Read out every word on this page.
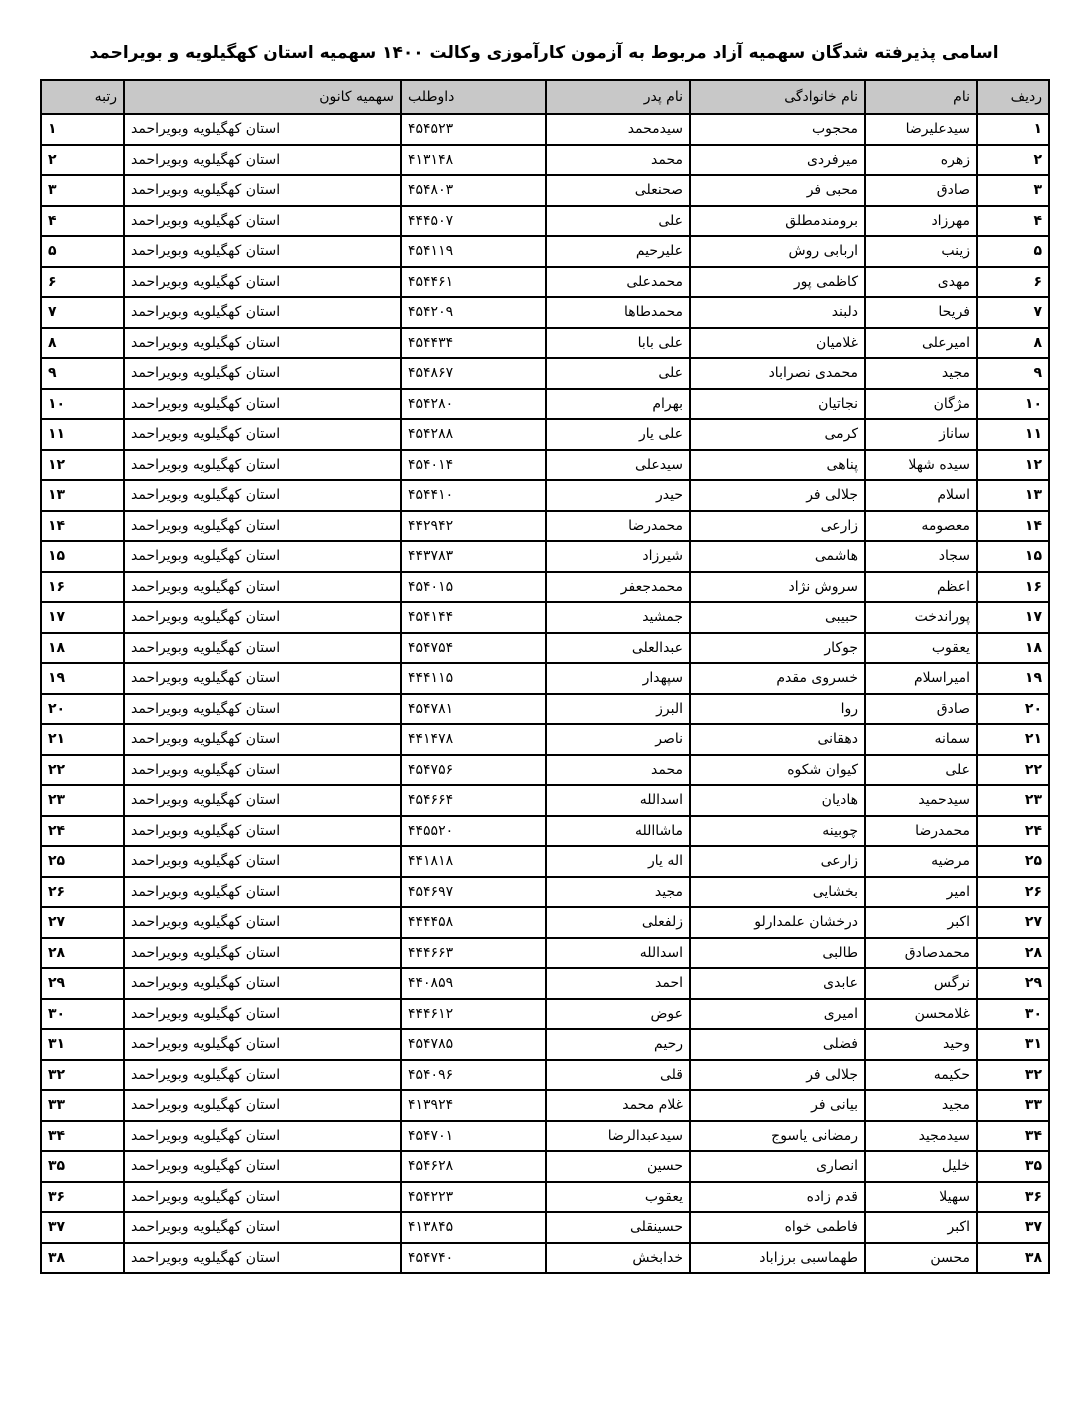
اسامی پذیرفته شدگان سهمیه آزاد مربوط به آزمون کارآموزی وکالت ۱۴۰۰ سهمیه استان کهگیلویه و بویراحمد
ردیف	نام	نام خانوادگی	نام پدر	داوطلب	سهمیه کانون	رتبه
۱	سیدعلیرضا	محجوب	سیدمحمد	۴۵۴۵۲۳	استان کهگیلویه وبویراحمد	۱
۲	زهره	میرفردی	محمد	۴۱۳۱۴۸	استان کهگیلویه وبویراحمد	۲
۳	صادق	محبی فر	صحنعلی	۴۵۴۸۰۳	استان کهگیلویه وبویراحمد	۳
۴	مهرزاد	برومندمطلق	علی	۴۴۴۵۰۷	استان کهگیلویه وبویراحمد	۴
۵	زینب	اربابی روش	علیرحیم	۴۵۴۱۱۹	استان کهگیلویه وبویراحمد	۵
۶	مهدی	کاظمی پور	محمدعلی	۴۵۴۴۶۱	استان کهگیلویه وبویراحمد	۶
۷	فریحا	دلبند	محمدطاها	۴۵۴۲۰۹	استان کهگیلویه وبویراحمد	۷
۸	امیرعلی	غلامیان	علی بابا	۴۵۴۴۳۴	استان کهگیلویه وبویراحمد	۸
۹	مجید	محمدی نصراباد	علی	۴۵۴۸۶۷	استان کهگیلویه وبویراحمد	۹
۱۰	مژگان	نجاتیان	بهرام	۴۵۴۲۸۰	استان کهگیلویه وبویراحمد	۱۰
۱۱	ساناز	کرمی	علی یار	۴۵۴۲۸۸	استان کهگیلویه وبویراحمد	۱۱
۱۲	سیده شهلا	پناهی	سیدعلی	۴۵۴۰۱۴	استان کهگیلویه وبویراحمد	۱۲
۱۳	اسلام	جلالی فر	حیدر	۴۵۴۴۱۰	استان کهگیلویه وبویراحمد	۱۳
۱۴	معصومه	زارعی	محمدرضا	۴۴۲۹۴۲	استان کهگیلویه وبویراحمد	۱۴
۱۵	سجاد	هاشمی	شیرزاد	۴۴۳۷۸۳	استان کهگیلویه وبویراحمد	۱۵
۱۶	اعظم	سروش نژاد	محمدجعفر	۴۵۴۰۱۵	استان کهگیلویه وبویراحمد	۱۶
۱۷	پوراندخت	حبیبی	جمشید	۴۵۴۱۴۴	استان کهگیلویه وبویراحمد	۱۷
۱۸	یعقوب	جوکار	عبدالعلی	۴۵۴۷۵۴	استان کهگیلویه وبویراحمد	۱۸
۱۹	امیراسلام	خسروی مقدم	سپهدار	۴۴۴۱۱۵	استان کهگیلویه وبویراحمد	۱۹
۲۰	صادق	روا	البرز	۴۵۴۷۸۱	استان کهگیلویه وبویراحمد	۲۰
۲۱	سمانه	دهقانی	ناصر	۴۴۱۴۷۸	استان کهگیلویه وبویراحمد	۲۱
۲۲	علی	کیوان شکوه	محمد	۴۵۴۷۵۶	استان کهگیلویه وبویراحمد	۲۲
۲۳	سیدحمید	هادیان	اسدالله	۴۵۴۶۶۴	استان کهگیلویه وبویراحمد	۲۳
۲۴	محمدرضا	چوبینه	ماشاالله	۴۴۵۵۲۰	استان کهگیلویه وبویراحمد	۲۴
۲۵	مرضیه	زارعی	اله یار	۴۴۱۸۱۸	استان کهگیلویه وبویراحمد	۲۵
۲۶	امیر	بخشایی	مجید	۴۵۴۶۹۷	استان کهگیلویه وبویراحمد	۲۶
۲۷	اکبر	درخشان علمدارلو	زلفعلی	۴۴۴۴۵۸	استان کهگیلویه وبویراحمد	۲۷
۲۸	محمدصادق	طالبی	اسدالله	۴۴۴۶۶۳	استان کهگیلویه وبویراحمد	۲۸
۲۹	نرگس	عابدی	احمد	۴۴۰۸۵۹	استان کهگیلویه وبویراحمد	۲۹
۳۰	غلامحسن	امیری	عوض	۴۴۴۶۱۲	استان کهگیلویه وبویراحمد	۳۰
۳۱	وحید	فضلی	رحیم	۴۵۴۷۸۵	استان کهگیلویه وبویراحمد	۳۱
۳۲	حکیمه	جلالی فر	قلی	۴۵۴۰۹۶	استان کهگیلویه وبویراحمد	۳۲
۳۳	مجید	بیانی فر	غلام محمد	۴۱۳۹۲۴	استان کهگیلویه وبویراحمد	۳۳
۳۴	سیدمجید	رمضانی یاسوج	سیدعبدالرضا	۴۵۴۷۰۱	استان کهگیلویه وبویراحمد	۳۴
۳۵	خلیل	انصاری	حسین	۴۵۴۶۲۸	استان کهگیلویه وبویراحمد	۳۵
۳۶	سهیلا	قدم زاده	یعقوب	۴۵۴۲۲۳	استان کهگیلویه وبویراحمد	۳۶
۳۷	اکبر	فاطمی خواه	حسینقلی	۴۱۳۸۴۵	استان کهگیلویه وبویراحمد	۳۷
۳۸	محسن	طهماسبی برزاباد	خدابخش	۴۵۴۷۴۰	استان کهگیلویه وبویراحمد	۳۸
